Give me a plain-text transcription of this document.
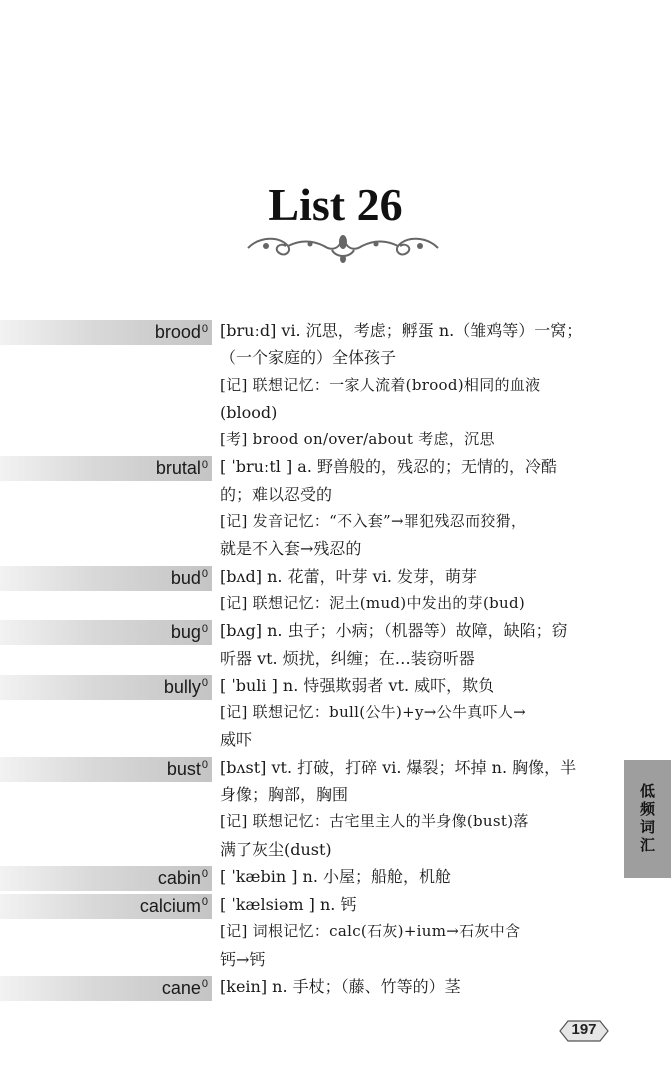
List 26
brood$^0$ [bruːd] vi. 沉思，考虑；孵蛋 n.（雏鸡等）一窝；

（一个家庭的）全体孩子

[记] 联想记忆：一家人流着(brood)相同的血液

(blood)

[考] brood on/over/about 考虑，沉思

brutal$^0$ [ ˈbruːtl ] a. 野兽般的，残忍的；无情的，冷酷

的；难以忍受的

[记] 发音记忆：“不入套”→罪犯残忍而狡猾，

就是不入套→残忍的

bud$^0$ [bʌd] n. 花蕾，叶芽 vi. 发芽，萌芽

[记] 联想记忆：泥土(mud)中发出的芽(bud)

bug$^0$ [bʌg] n. 虫子；小病；（机器等）故障，缺陷；窃

听器 vt. 烦扰，纠缠；在…装窃听器

bully$^0$ [ ˈbuli ] n. 恃强欺弱者 vt. 威吓，欺负

[记] 联想记忆：bull(公牛)+y→公牛真吓人→

威吓

bust$^0$ [bʌst] vt. 打破，打碎 vi. 爆裂；坏掉 n. 胸像，半

身像；胸部，胸围

[记] 联想记忆：古宅里主人的半身像(bust)落

满了灰尘(dust)

cabin$^0$ [ ˈkæbin ] n. 小屋；船舱，机舱

calcium$^0$ [ ˈkælsiəm ] n. 钙

[记] 词根记忆：calc(石灰)+ium→石灰中含

钙→钙

cane$^0$ [kein] n. 手杖；（藤、竹等的）茎

低频词汇
197
